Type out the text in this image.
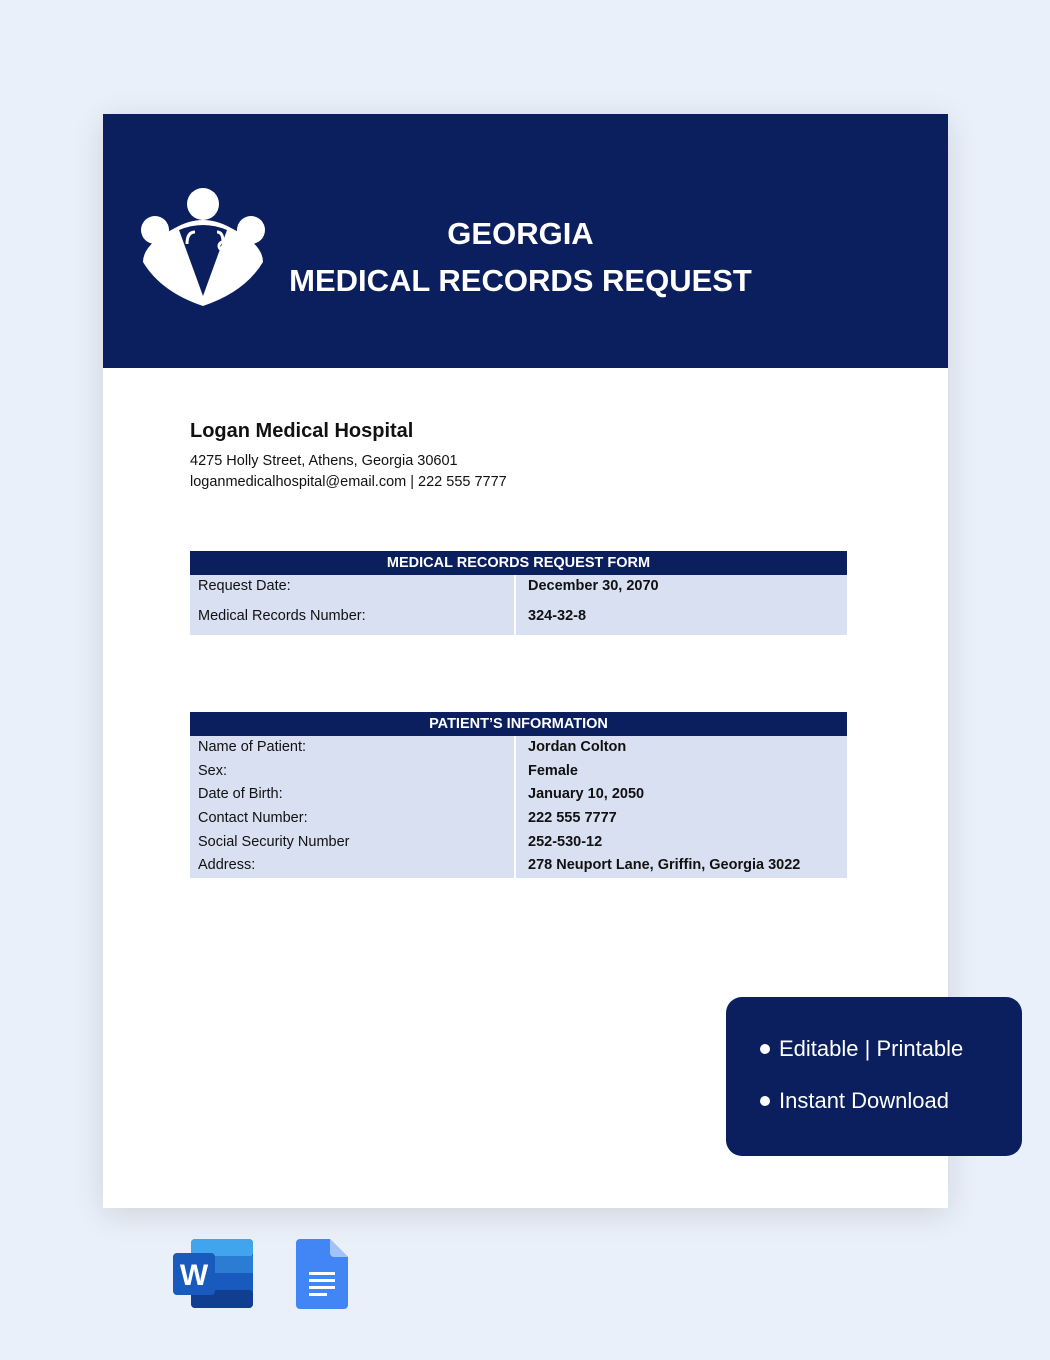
GEORGIA
MEDICAL RECORDS REQUEST
Logan Medical Hospital
4275 Holly Street, Athens, Georgia 30601
loganmedicalhospital@email.com | 222 555 7777
MEDICAL RECORDS REQUEST FORM
Request Date:	December 30, 2070
Medical Records Number:	324-32-8
PATIENT’S INFORMATION
Name of Patient:	Jordan Colton
Sex:	Female
Date of Birth:	January 10, 2050
Contact Number:	222 555 7777
Social Security Number	252-530-12
Address:	278 Neuport Lane, Griffin, Georgia 3022
Editable | Printable
Instant Download
W
